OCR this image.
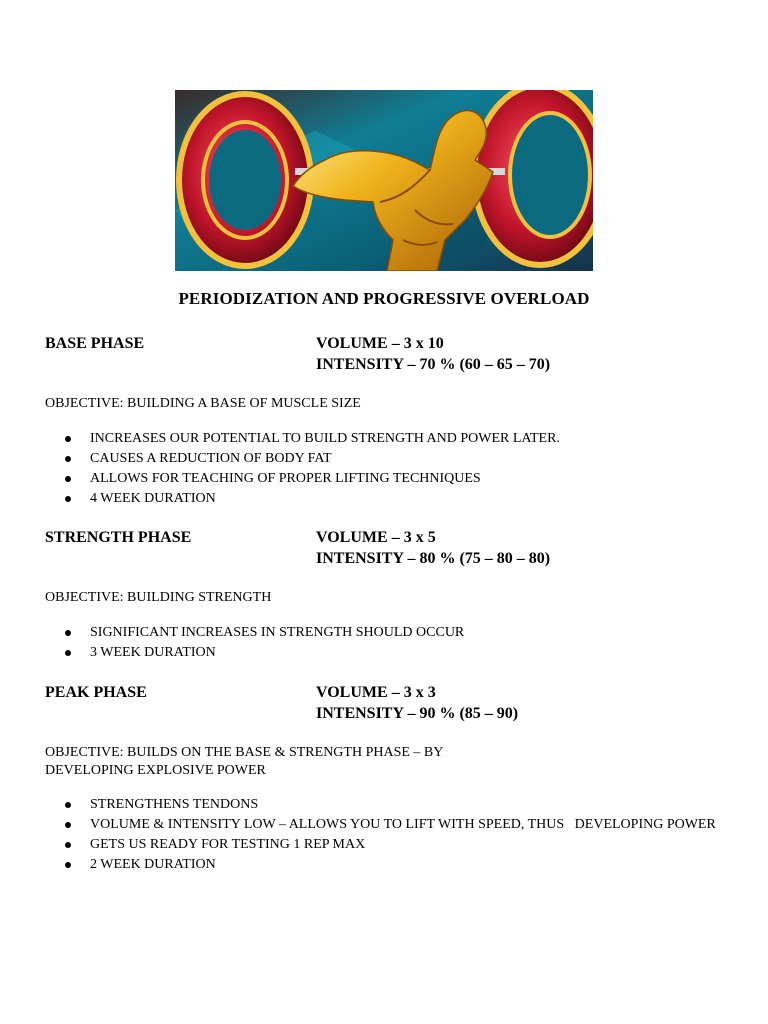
PERIODIZATION AND PROGRESSIVE OVERLOAD
BASE PHASE	VOLUME – 3 x 10
INTENSITY – 70 % (60 – 65 – 70)
OBJECTIVE: BUILDING A BASE OF MUSCLE SIZE
INCREASES OUR POTENTIAL TO BUILD STRENGTH AND POWER LATER.
CAUSES A REDUCTION OF BODY FAT
ALLOWS FOR TEACHING OF PROPER LIFTING TECHNIQUES
4 WEEK DURATION
STRENGTH PHASE	VOLUME – 3 x 5
INTENSITY – 80 % (75 – 80 – 80)
OBJECTIVE: BUILDING STRENGTH
SIGNIFICANT INCREASES IN STRENGTH SHOULD OCCUR
3 WEEK DURATION
PEAK PHASE	VOLUME – 3 x 3
INTENSITY – 90 % (85 – 90)
OBJECTIVE: BUILDS ON THE BASE & STRENGTH PHASE – BY
DEVELOPING EXPLOSIVE POWER
STRENGTHENS TENDONS
VOLUME & INTENSITY LOW – ALLOWS YOU TO LIFT WITH SPEED, THUS   DEVELOPING POWER
GETS US READY FOR TESTING 1 REP MAX
2 WEEK DURATION
